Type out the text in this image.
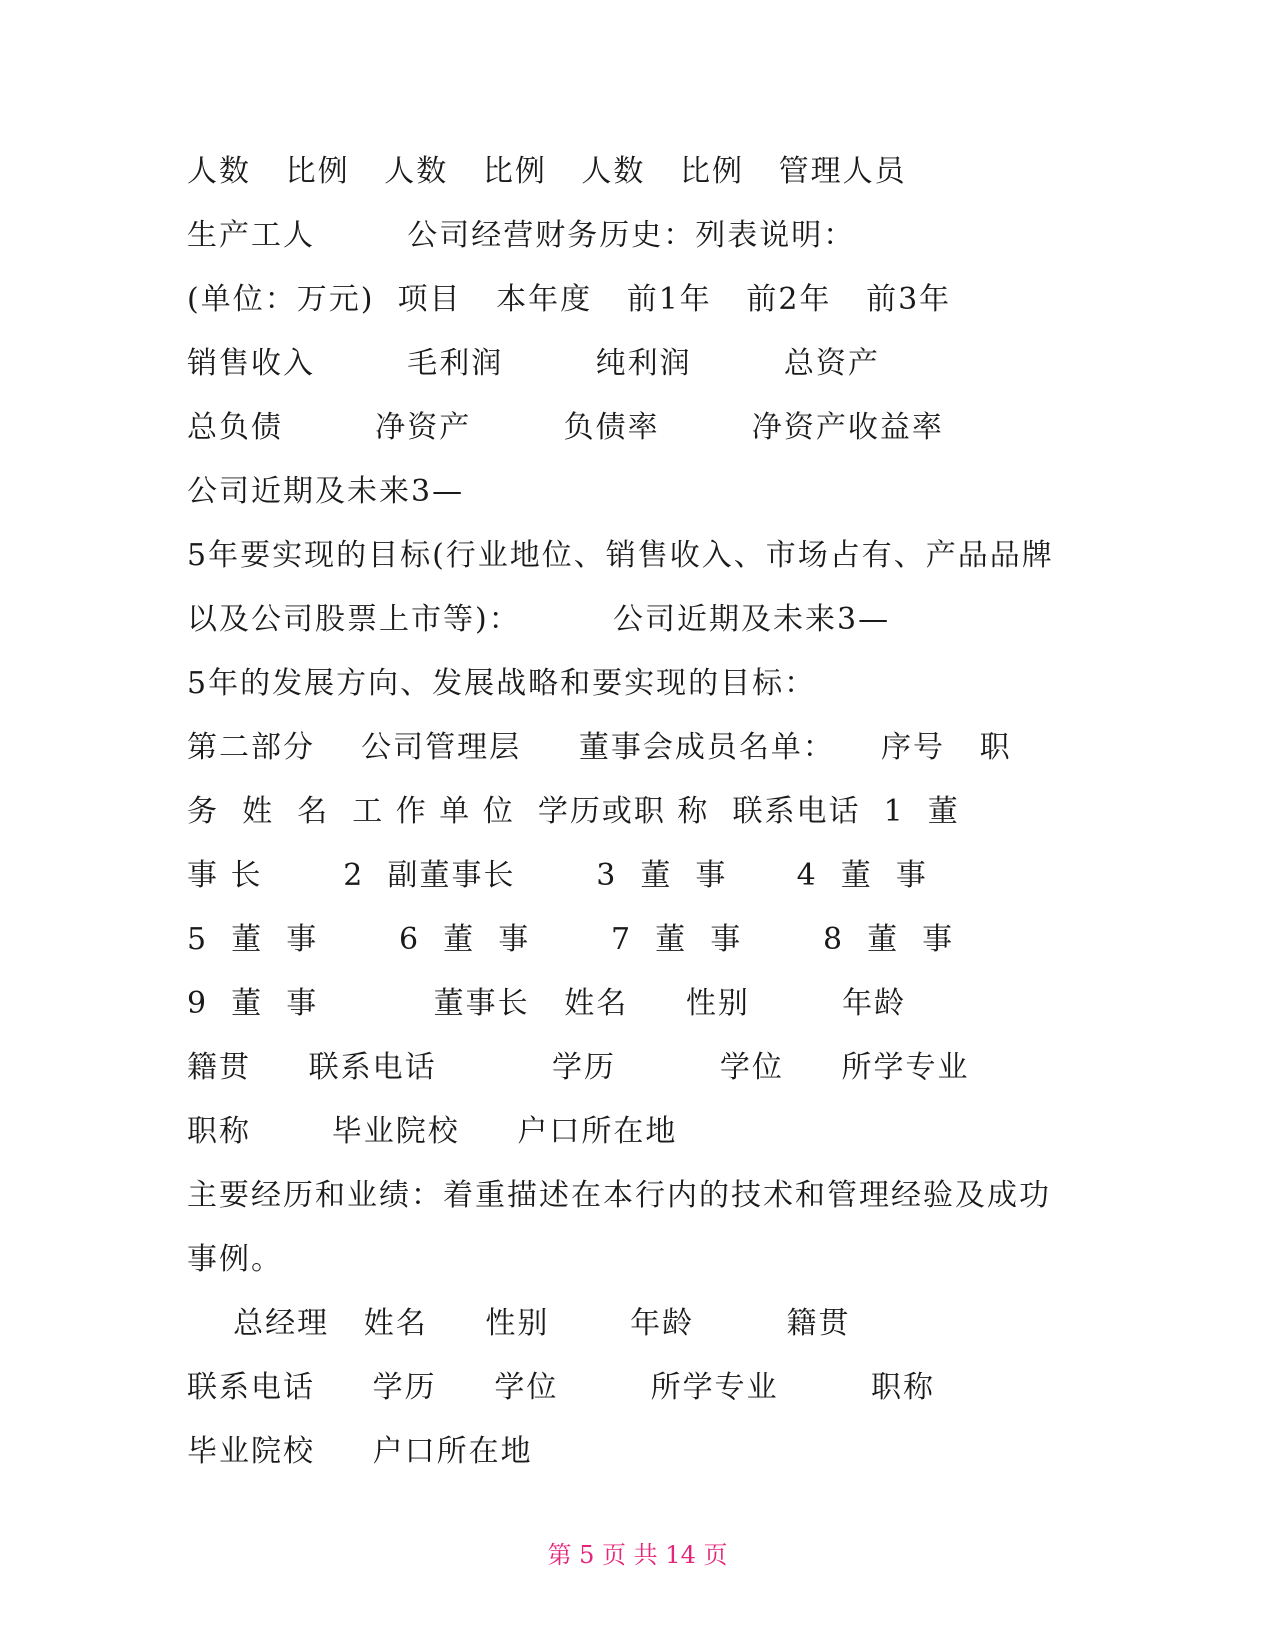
人数   比例   人数   比例   人数   比例   管理人员
生产工人        公司经营财务历史：列表说明：
(单位：万元)  项目   本年度   前1年   前2年   前3年
销售收入        毛利润        纯利润        总资产
总负债        净资产        负债率        净资产收益率
公司近期及未来3—
5年要实现的目标(行业地位、销售收入、市场占有、产品品牌
以及公司股票上市等)：        公司近期及未来3—
5年的发展方向、发展战略和要实现的目标：
第二部分    公司管理层     董事会成员名单：    序号   职
务  姓  名  工 作 单 位  学历或职 称  联系电话  1  董
事 长       2  副董事长       3  董  事      4  董  事
5  董  事       6  董  事       7  董  事       8  董  事
9  董  事          董事长   姓名     性别        年龄
籍贯     联系电话          学历         学位     所学专业
职称       毕业院校     户口所在地
主要经历和业绩：着重描述在本行内的技术和管理经验及成功
事例。
总经理   姓名     性别       年龄        籍贯
联系电话     学历     学位        所学专业        职称
毕业院校     户口所在地
第 5 页 共 14 页
